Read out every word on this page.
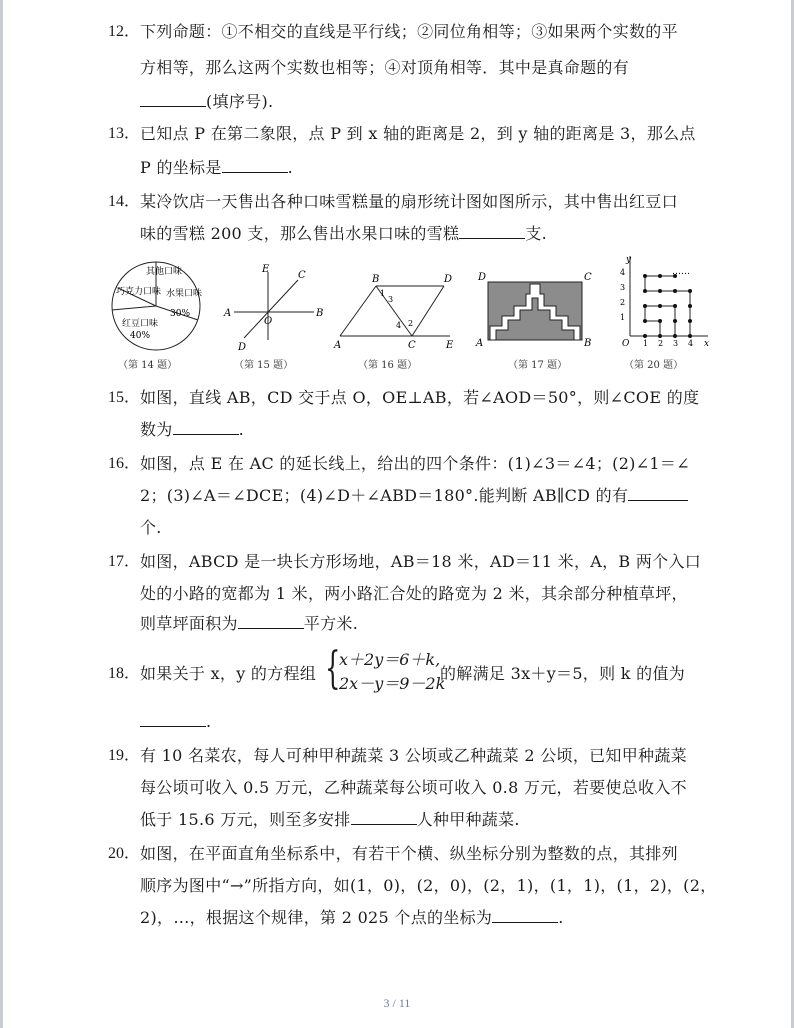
12． 下列命题：①不相交的直线是平行线；②同位角相等；③如果两个实数的平
方相等，那么这两个实数也相等；④对顶角相等．其中是真命题的有
(填序号).
13． 已知点 P 在第二象限，点 P 到 x 轴的距离是 2，到 y 轴的距离是 3，那么点
P 的坐标是	.
14． 某冷饮店一天售出各种口味雪糕量的扇形统计图如图所示，其中售出红豆口
味的雪糕 200 支，那么售出水果口味的雪糕	支.
其他口味
巧克力口味 水果口味
30%
红豆口味
40%
（第 14 题）
E
C
A
O
B
D
（第 15 题）
B	D
1
3
4 2
A	C	E
（第 16 题）
D	C
A	B
（第 17 题）
y
x
O
4
3
2
1
1 2 3 4
……
（第 20 题）
15． 如图，直线 AB，CD 交于点 O，OE⊥AB，若∠AOD＝50°，则∠COE 的度
数为	.
16． 如图，点 E 在 AC 的延长线上，给出的四个条件：(1)∠3＝∠4；(2)∠1＝∠
2；(3)∠A＝∠DCE；(4)∠D＋∠ABD＝180°.能判断 AB∥CD 的有
个.
17． 如图，ABCD 是一块长方形场地，AB＝18 米，AD＝11 米，A，B 两个入口
处的小路的宽都为 1 米，两小路汇合处的路宽为 2 米，其余部分种植草坪，
则草坪面积为	平方米.
18． 如果关于 x，y 的方程组 {
x＋2y＝6＋k,
2x－y＝9－2k
的解满足 3x＋y＝5，则 k 的值为
.
19． 有 10 名菜农，每人可种甲种蔬菜 3 公顷或乙种蔬菜 2 公顷，已知甲种蔬菜
每公顷可收入 0.5 万元，乙种蔬菜每公顷可收入 0.8 万元，若要使总收入不
低于 15.6 万元，则至多安排	人种甲种蔬菜.
20． 如图，在平面直角坐标系中，有若干个横、纵坐标分别为整数的点，其排列
顺序为图中“→”所指方向，如(1，0)，(2，0)，(2，1)，(1，1)，(1，2)，(2，
2)，…，根据这个规律，第 2 025 个点的坐标为	.
3 / 11
